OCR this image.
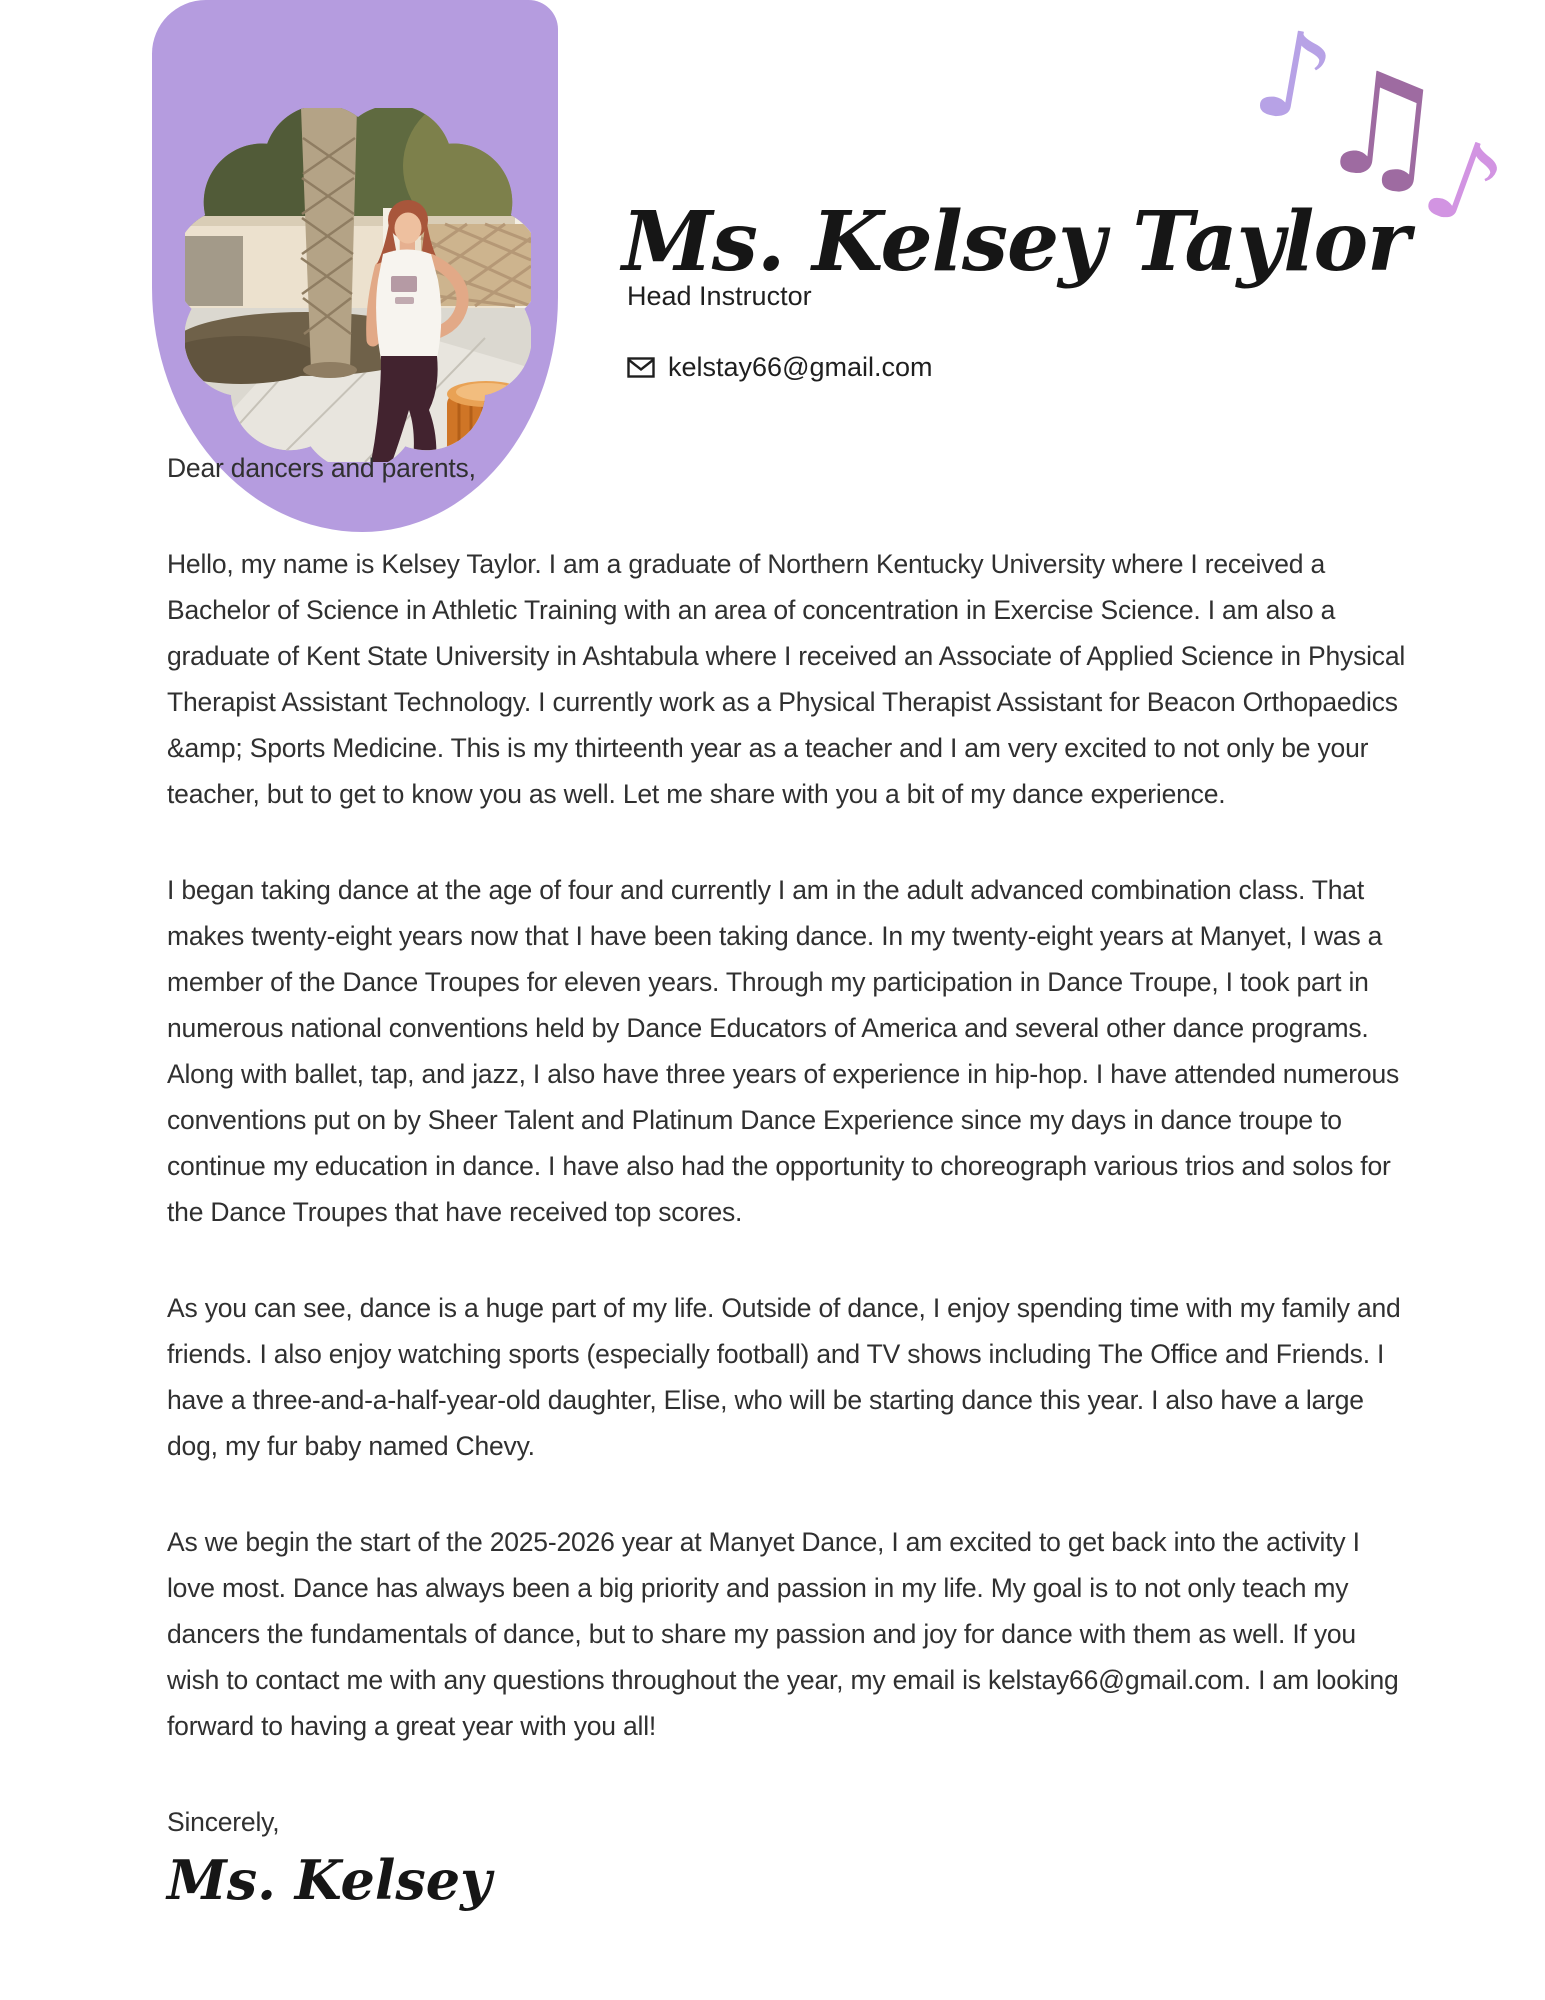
Ms. Kelsey Taylor
Head Instructor
kelstay66@gmail.com
♪
♫
♪

Dear dancers and parents,

Hello, my name is Kelsey Taylor. I am a graduate of Northern Kentucky University where I received a Bachelor of Science in Athletic Training with an area of concentration in Exercise Science. I am also a graduate of Kent State University in Ashtabula where I received an Associate of Applied Science in Physical Therapist Assistant Technology. I currently work as a Physical Therapist Assistant for Beacon Orthopaedics &amp; Sports Medicine. This is my thirteenth year as a teacher and I am very excited to not only be your teacher, but to get to know you as well. Let me share with you a bit of my dance experience.

I began taking dance at the age of four and currently I am in the adult advanced combination class. That makes twenty-eight years now that I have been taking dance. In my twenty-eight years at Manyet, I was a member of the Dance Troupes for eleven years. Through my participation in Dance Troupe, I took part in numerous national conventions held by Dance Educators of America and several other dance programs. Along with ballet, tap, and jazz, I also have three years of experience in hip-hop. I have attended numerous conventions put on by Sheer Talent and Platinum Dance Experience since my days in dance troupe to continue my education in dance. I have also had the opportunity to choreograph various trios and solos for the Dance Troupes that have received top scores.

As you can see, dance is a huge part of my life. Outside of dance, I enjoy spending time with my family and friends. I also enjoy watching sports (especially football) and TV shows including The Office and Friends. I have a three-and-a-half-year-old daughter, Elise, who will be starting dance this year. I also have a large dog, my fur baby named Chevy.

As we begin the start of the 2025-2026 year at Manyet Dance, I am excited to get back into the activity I love most. Dance has always been a big priority and passion in my life. My goal is to not only teach my dancers the fundamentals of dance, but to share my passion and joy for dance with them as well. If you wish to contact me with any questions throughout the year, my email is kelstay66@gmail.com. I am looking forward to having a great year with you all!

Sincerely,

Ms. Kelsey
